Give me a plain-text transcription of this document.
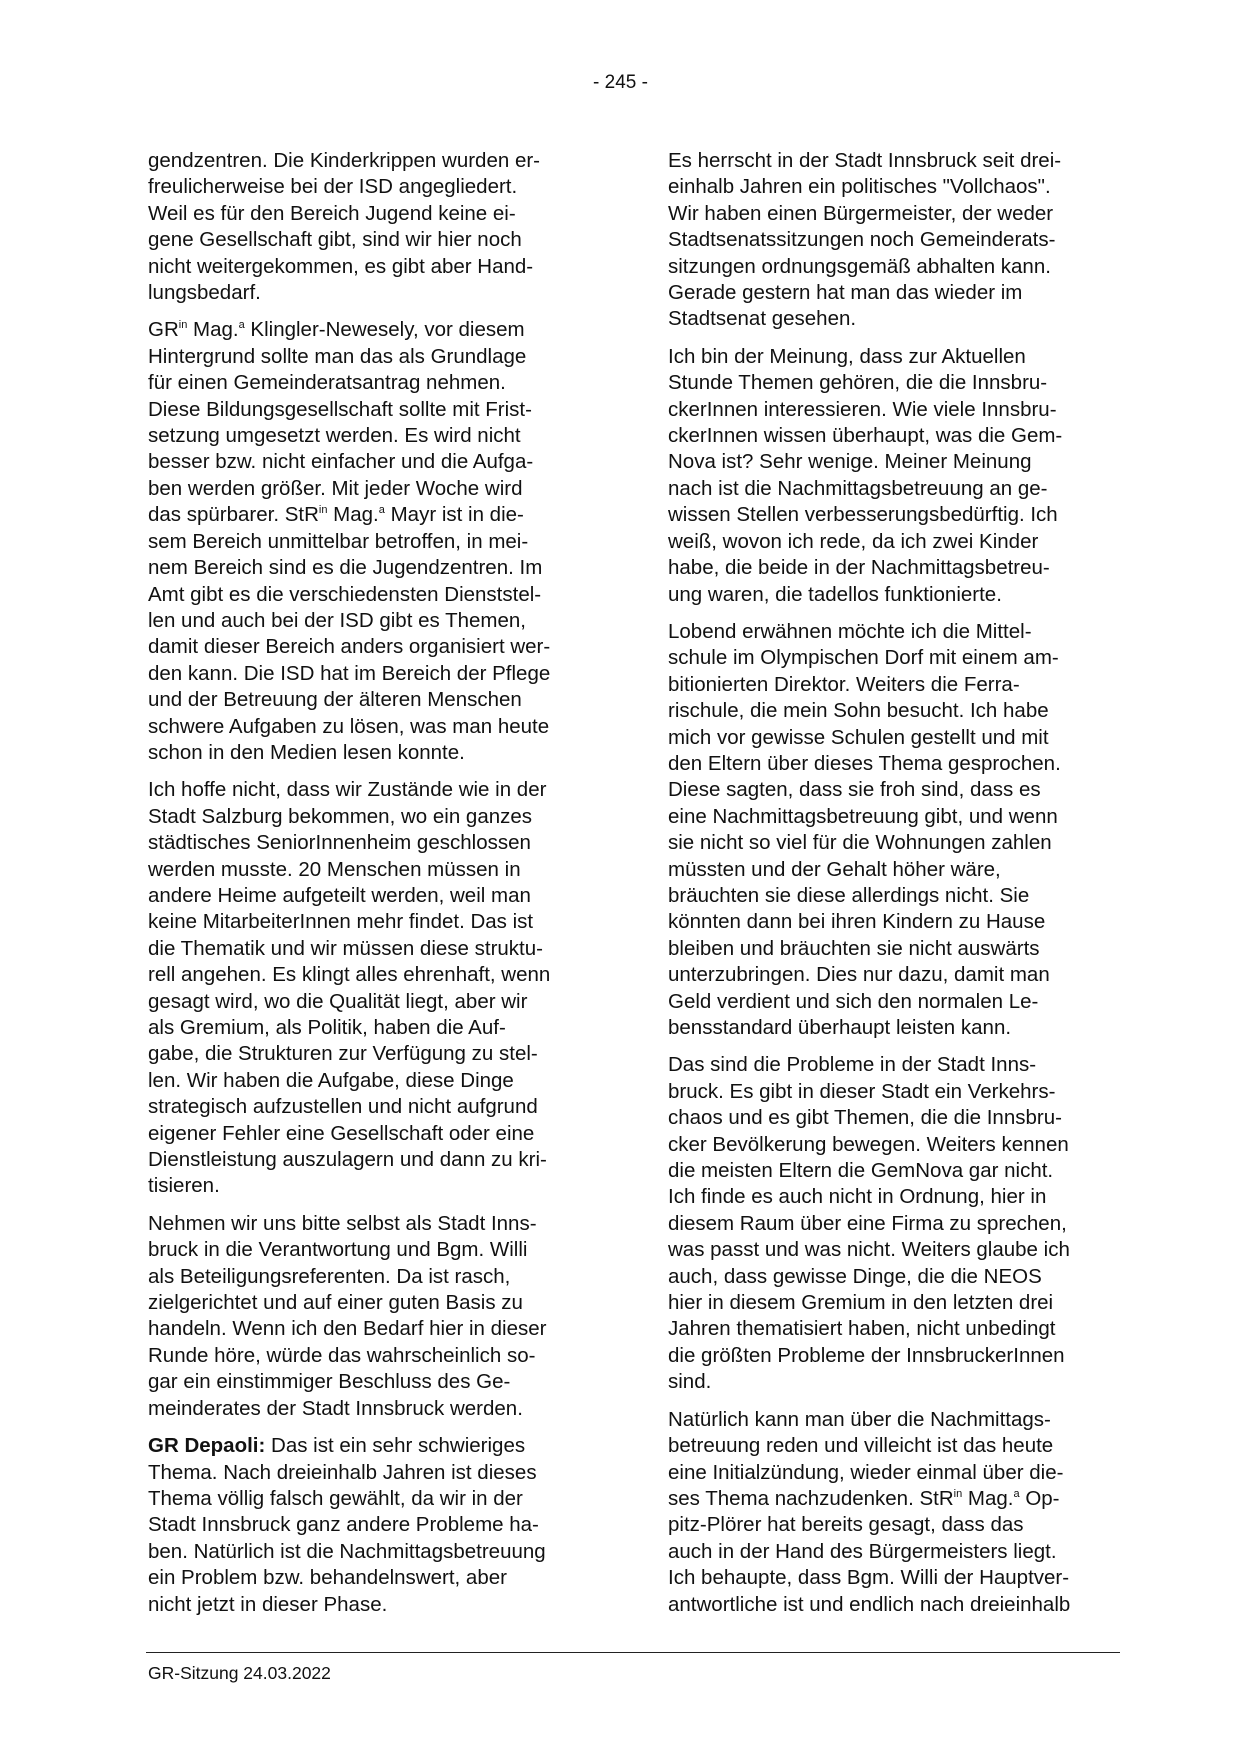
- 245 -
gendzentren. Die Kinderkrippen wurden er-
freulicherweise bei der ISD angegliedert.
Weil es für den Bereich Jugend keine ei-
gene Gesellschaft gibt, sind wir hier noch
nicht weitergekommen, es gibt aber Hand-
lungsbedarf.
$GR^{in}$ Mag.$^a$ Klingler-Newesely, vor diesem
Hintergrund sollte man das als Grundlage
für einen Gemeinderatsantrag nehmen.
Diese Bildungsgesellschaft sollte mit Frist-
setzung umgesetzt werden. Es wird nicht
besser bzw. nicht einfacher und die Aufga-
ben werden größer. Mit jeder Woche wird
das spürbarer. StR$^{in}$ Mag.$^a$ Mayr ist in die-
sem Bereich unmittelbar betroffen, in mei-
nem Bereich sind es die Jugendzentren. Im
Amt gibt es die verschiedensten Dienststel-
len und auch bei der ISD gibt es Themen,
damit dieser Bereich anders organisiert wer-
den kann. Die ISD hat im Bereich der Pflege
und der Betreuung der älteren Menschen
schwere Aufgaben zu lösen, was man heute
schon in den Medien lesen konnte.
Ich hoffe nicht, dass wir Zustände wie in der
Stadt Salzburg bekommen, wo ein ganzes
städtisches SeniorInnenheim geschlossen
werden musste. 20 Menschen müssen in
andere Heime aufgeteilt werden, weil man
keine MitarbeiterInnen mehr findet. Das ist
die Thematik und wir müssen diese struktu-
rell angehen. Es klingt alles ehrenhaft, wenn
gesagt wird, wo die Qualität liegt, aber wir
als Gremium, als Politik, haben die Auf-
gabe, die Strukturen zur Verfügung zu stel-
len. Wir haben die Aufgabe, diese Dinge
strategisch aufzustellen und nicht aufgrund
eigener Fehler eine Gesellschaft oder eine
Dienstleistung auszulagern und dann zu kri-
tisieren.
Nehmen wir uns bitte selbst als Stadt Inns-
bruck in die Verantwortung und Bgm. Willi
als Beteiligungsreferenten. Da ist rasch,
zielgerichtet und auf einer guten Basis zu
handeln. Wenn ich den Bedarf hier in dieser
Runde höre, würde das wahrscheinlich so-
gar ein einstimmiger Beschluss des Ge-
meinderates der Stadt Innsbruck werden.
GR Depaoli: Das ist ein sehr schwieriges
Thema. Nach dreieinhalb Jahren ist dieses
Thema völlig falsch gewählt, da wir in der
Stadt Innsbruck ganz andere Probleme ha-
ben. Natürlich ist die Nachmittagsbetreuung
ein Problem bzw. behandelnswert, aber
nicht jetzt in dieser Phase.
Es herrscht in der Stadt Innsbruck seit drei-
einhalb Jahren ein politisches "Vollchaos".
Wir haben einen Bürgermeister, der weder
Stadtsenatssitzungen noch Gemeinderats-
sitzungen ordnungsgemäß abhalten kann.
Gerade gestern hat man das wieder im
Stadtsenat gesehen.
Ich bin der Meinung, dass zur Aktuellen
Stunde Themen gehören, die die Innsbru-
ckerInnen interessieren. Wie viele Innsbru-
ckerInnen wissen überhaupt, was die Gem-
Nova ist? Sehr wenige. Meiner Meinung
nach ist die Nachmittagsbetreuung an ge-
wissen Stellen verbesserungsbedürftig. Ich
weiß, wovon ich rede, da ich zwei Kinder
habe, die beide in der Nachmittagsbetreu-
ung waren, die tadellos funktionierte.
Lobend erwähnen möchte ich die Mittel-
schule im Olympischen Dorf mit einem am-
bitionierten Direktor. Weiters die Ferra-
rischule, die mein Sohn besucht. Ich habe
mich vor gewisse Schulen gestellt und mit
den Eltern über dieses Thema gesprochen.
Diese sagten, dass sie froh sind, dass es
eine Nachmittagsbetreuung gibt, und wenn
sie nicht so viel für die Wohnungen zahlen
müssten und der Gehalt höher wäre,
bräuchten sie diese allerdings nicht. Sie
könnten dann bei ihren Kindern zu Hause
bleiben und bräuchten sie nicht auswärts
unterzubringen. Dies nur dazu, damit man
Geld verdient und sich den normalen Le-
bensstandard überhaupt leisten kann.
Das sind die Probleme in der Stadt Inns-
bruck. Es gibt in dieser Stadt ein Verkehrs-
chaos und es gibt Themen, die die Innsbru-
cker Bevölkerung bewegen. Weiters kennen
die meisten Eltern die GemNova gar nicht.
Ich finde es auch nicht in Ordnung, hier in
diesem Raum über eine Firma zu sprechen,
was passt und was nicht. Weiters glaube ich
auch, dass gewisse Dinge, die die NEOS
hier in diesem Gremium in den letzten drei
Jahren thematisiert haben, nicht unbedingt
die größten Probleme der InnsbruckerInnen
sind.
Natürlich kann man über die Nachmittags-
betreuung reden und villeicht ist das heute
eine Initialzündung, wieder einmal über die-
ses Thema nachzudenken. StR$^{in}$ Mag.$^a$ Op-
pitz-Plörer hat bereits gesagt, dass das
auch in der Hand des Bürgermeisters liegt.
Ich behaupte, dass Bgm. Willi der Hauptver-
antwortliche ist und endlich nach dreieinhalb
GR-Sitzung 24.03.2022
